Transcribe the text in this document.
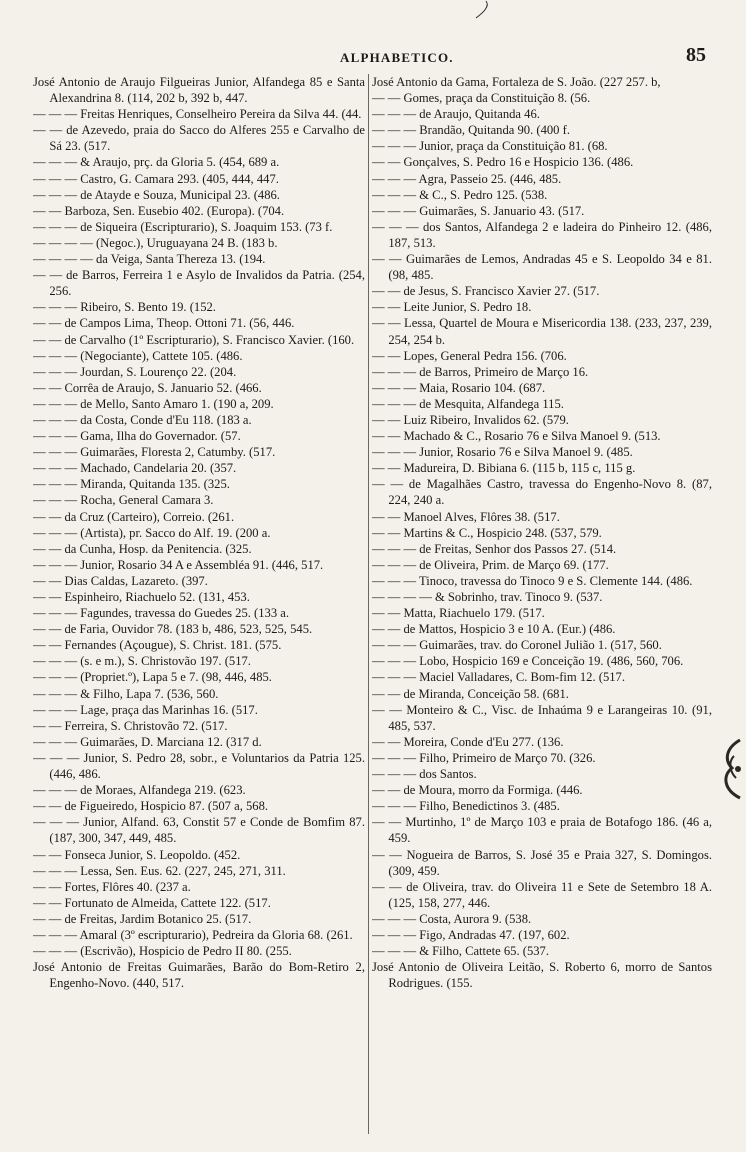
ALPHABETICO.	85

José Antonio de Araujo Filgueiras Junior, Alfandega 85 e Santa Alexandrina 8. (114, 202 b, 392 b, 447.

— — — Freitas Henriques, Conselheiro Pereira da Silva 44. (44.

— — de Azevedo, praia do Sacco do Alferes 255 e Carvalho de Sá 23. (517.

— — — & Araujo, prç. da Gloria 5. (454, 689 a.

— — — Castro, G. Camara 293. (405, 444, 447.

— — — de Atayde e Souza, Municipal 23. (486.

— — Barboza, Sen. Eusebio 402. (Europa). (704.

— — — de Siqueira (Escripturario), S. Joaquim 153. (73 f.

— — — — (Negoc.), Uruguayana 24 B. (183 b.

— — — — da Veiga, Santa Thereza 13. (194.

— — de Barros, Ferreira 1 e Asylo de Invalidos da Patria. (254, 256.

— — — Ribeiro, S. Bento 19. (152.

— — de Campos Lima, Theop. Ottoni 71. (56, 446.

— — de Carvalho (1º Escripturario), S. Francisco Xavier. (160.

— — — (Negociante), Cattete 105. (486.

— — — Jourdan, S. Lourenço 22. (204.

— — Corrêa de Araujo, S. Januario 52. (466.

— — — de Mello, Santo Amaro 1. (190 a, 209.

— — — da Costa, Conde d'Eu 118. (183 a.

— — — Gama, Ilha do Governador. (57.

— — — Guimarães, Floresta 2, Catumby. (517.

— — — Machado, Candelaria 20. (357.

— — — Miranda, Quitanda 135. (325.

— — — Rocha, General Camara 3.

— — da Cruz (Carteiro), Correio. (261.

— — — (Artista), pr. Sacco do Alf. 19. (200 a.

— — da Cunha, Hosp. da Penitencia. (325.

— — — Junior, Rosario 34 A e Assembléa 91. (446, 517.

— — Dias Caldas, Lazareto. (397.

— — Espinheiro, Riachuelo 52. (131, 453.

— — — Fagundes, travessa do Guedes 25. (133 a.

— — de Faria, Ouvidor 78. (183 b, 486, 523, 525, 545.

— — Fernandes (Açougue), S. Christ. 181. (575.

— — — (s. e m.), S. Christovão 197. (517.

— — — (Propriet.º), Lapa 5 e 7. (98, 446, 485.

— — — & Filho, Lapa 7. (536, 560.

— — — Lage, praça das Marinhas 16. (517.

— — Ferreira, S. Christovão 72. (517.

— — — Guimarães, D. Marciana 12. (317 d.

— — — Junior, S. Pedro 28, sobr., e Voluntarios da Patria 125. (446, 486.

— — — de Moraes, Alfandega 219. (623.

— — de Figueiredo, Hospicio 87. (507 a, 568.

— — — Junior, Alfand. 63, Constit 57 e Conde de Bomfim 87. (187, 300, 347, 449, 485.

— — Fonseca Junior, S. Leopoldo. (452.

— — — Lessa, Sen. Eus. 62. (227, 245, 271, 311.

— — Fortes, Flôres 40. (237 a.

— — Fortunato de Almeida, Cattete 122. (517.

— — de Freitas, Jardim Botanico 25. (517.

— — — Amaral (3º escripturario), Pedreira da Gloria 68. (261.

— — — (Escrivão), Hospicio de Pedro II 80. (255.

José Antonio de Freitas Guimarães, Barão do Bom-Retiro 2, Engenho-Novo. (440, 517.

José Antonio da Gama, Fortaleza de S. João. (227 257. b,

— — Gomes, praça da Constituição 8. (56.

— — — de Araujo, Quitanda 46.

— — — Brandão, Quitanda 90. (400 f.

— — — Junior, praça da Constituição 81. (68.

— — Gonçalves, S. Pedro 16 e Hospicio 136. (486.

— — — Agra, Passeio 25. (446, 485.

— — — & C., S. Pedro 125. (538.

— — — Guimarães, S. Januario 43. (517.

— — — dos Santos, Alfandega 2 e ladeira do Pinheiro 12. (486, 187, 513.

— — Guimarães de Lemos, Andradas 45 e S. Leopoldo 34 e 81. (98, 485.

— — de Jesus, S. Francisco Xavier 27. (517.

— — Leite Junior, S. Pedro 18.

— — Lessa, Quartel de Moura e Misericordia 138. (233, 237, 239, 254, 254 b.

— — Lopes, General Pedra 156. (706.

— — — de Barros, Primeiro de Março 16.

— — — Maia, Rosario 104. (687.

— — — de Mesquita, Alfandega 115.

— — Luiz Ribeiro, Invalidos 62. (579.

— — Machado & C., Rosario 76 e Silva Manoel 9. (513.

— — — Junior, Rosario 76 e Silva Manoel 9. (485.

— — Madureira, D. Bibiana 6. (115 b, 115 c, 115 g.

— — de Magalhães Castro, travessa do Engenho-Novo 8. (87, 224, 240 a.

— — Manoel Alves, Flôres 38. (517.

— — Martins & C., Hospicio 248. (537, 579.

— — — de Freitas, Senhor dos Passos 27. (514.

— — — de Oliveira, Prim. de Março 69. (177.

— — — Tinoco, travessa do Tinoco 9 e S. Clemente 144. (486.

— — — — & Sobrinho, trav. Tinoco 9. (537.

— — Matta, Riachuelo 179. (517.

— — de Mattos, Hospicio 3 e 10 A. (Eur.) (486.

— — — Guimarães, trav. do Coronel Julião 1. (517, 560.

— — — Lobo, Hospicio 169 e Conceição 19. (486, 560, 706.

— — — Maciel Valladares, C. Bom-fim 12. (517.

— — de Miranda, Conceição 58. (681.

— — Monteiro & C., Visc. de Inhaúma 9 e Larangeiras 10. (91, 485, 537.

— — Moreira, Conde d'Eu 277. (136.

— — — Filho, Primeiro de Março 70. (326.

— — — dos Santos.

— — de Moura, morro da Formiga. (446.

— — — Filho, Benedictinos 3. (485.

— — Murtinho, 1º de Março 103 e praia de Botafogo 186. (46 a, 459.

— — Nogueira de Barros, S. José 35 e Praia 327, S. Domingos. (309, 459.

— — de Oliveira, trav. do Oliveira 11 e Sete de Setembro 18 A. (125, 158, 277, 446.

— — — Costa, Aurora 9. (538.

— — — Figo, Andradas 47. (197, 602.

— — — & Filho, Cattete 65. (537.

José Antonio de Oliveira Leitão, S. Roberto 6, morro de Santos Rodrigues. (155.
